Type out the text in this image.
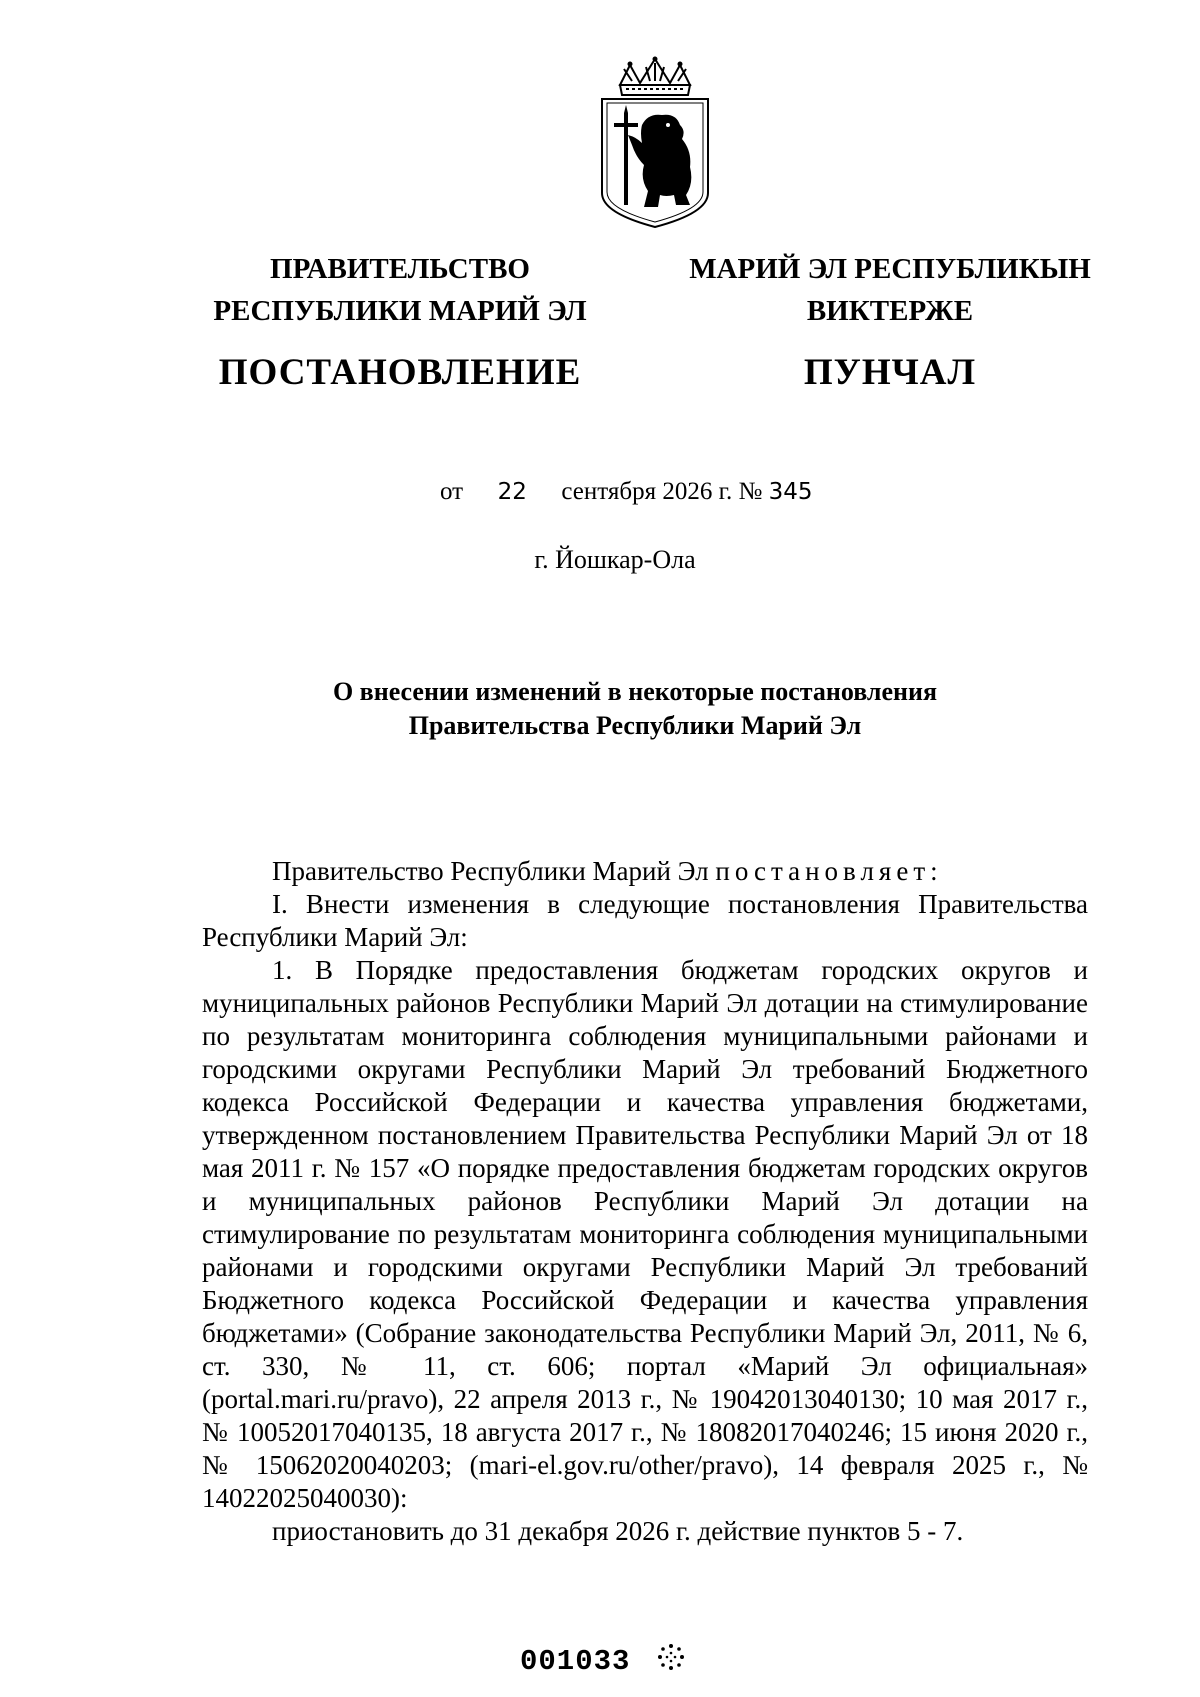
ПРАВИТЕЛЬСТВО
РЕСПУБЛИКИ МАРИЙ ЭЛ
ПОСТАНОВЛЕНИЕ
МАРИЙ ЭЛ РЕСПУБЛИКЫН
ВИКТЕРЖЕ
ПУНЧАЛ
от 22 сентября 2026 г. № 345
г. Йошкар-Ола
О внесении изменений в некоторые постановления
Правительства Республики Марий Эл

Правительство Республики Марий Эл постановляет:

I. Внести изменения в следующие постановления Правительства Республики Марий Эл:

1. В Порядке предоставления бюджетам городских округов и муниципальных районов Республики Марий Эл дотации на стимулирование по результатам мониторинга соблюдения муниципальными районами и городскими округами Республики Марий Эл требований Бюджетного кодекса Российской Федерации и качества управления бюджетами, утвержденном постановлением Правительства Республики Марий Эл от 18 мая 2011 г. № 157 «О порядке предоставления бюджетам городских округов и муниципальных районов Республики Марий Эл дотации на стимулирование по результатам мониторинга соблюдения муниципальными районами и городскими округами Республики Марий Эл требований Бюджетного кодекса Российской Федерации и качества управления бюджетами» (Собрание законодательства Республики Марий Эл, 2011, № 6, ст. 330, № 11, ст. 606; портал «Марий Эл официальная» (portal.mari.ru/pravo), 22 апреля 2013 г., № 19042013040130; 10 мая 2017 г., № 10052017040135, 18 августа 2017 г., № 18082017040246; 15 июня 2020 г., № 15062020040203; (mari-el.gov.ru/other/pravo), 14 февраля 2025 г., № 14022025040030):

приостановить до 31 декабря 2026 г. действие пунктов 5 - 7.

001033
